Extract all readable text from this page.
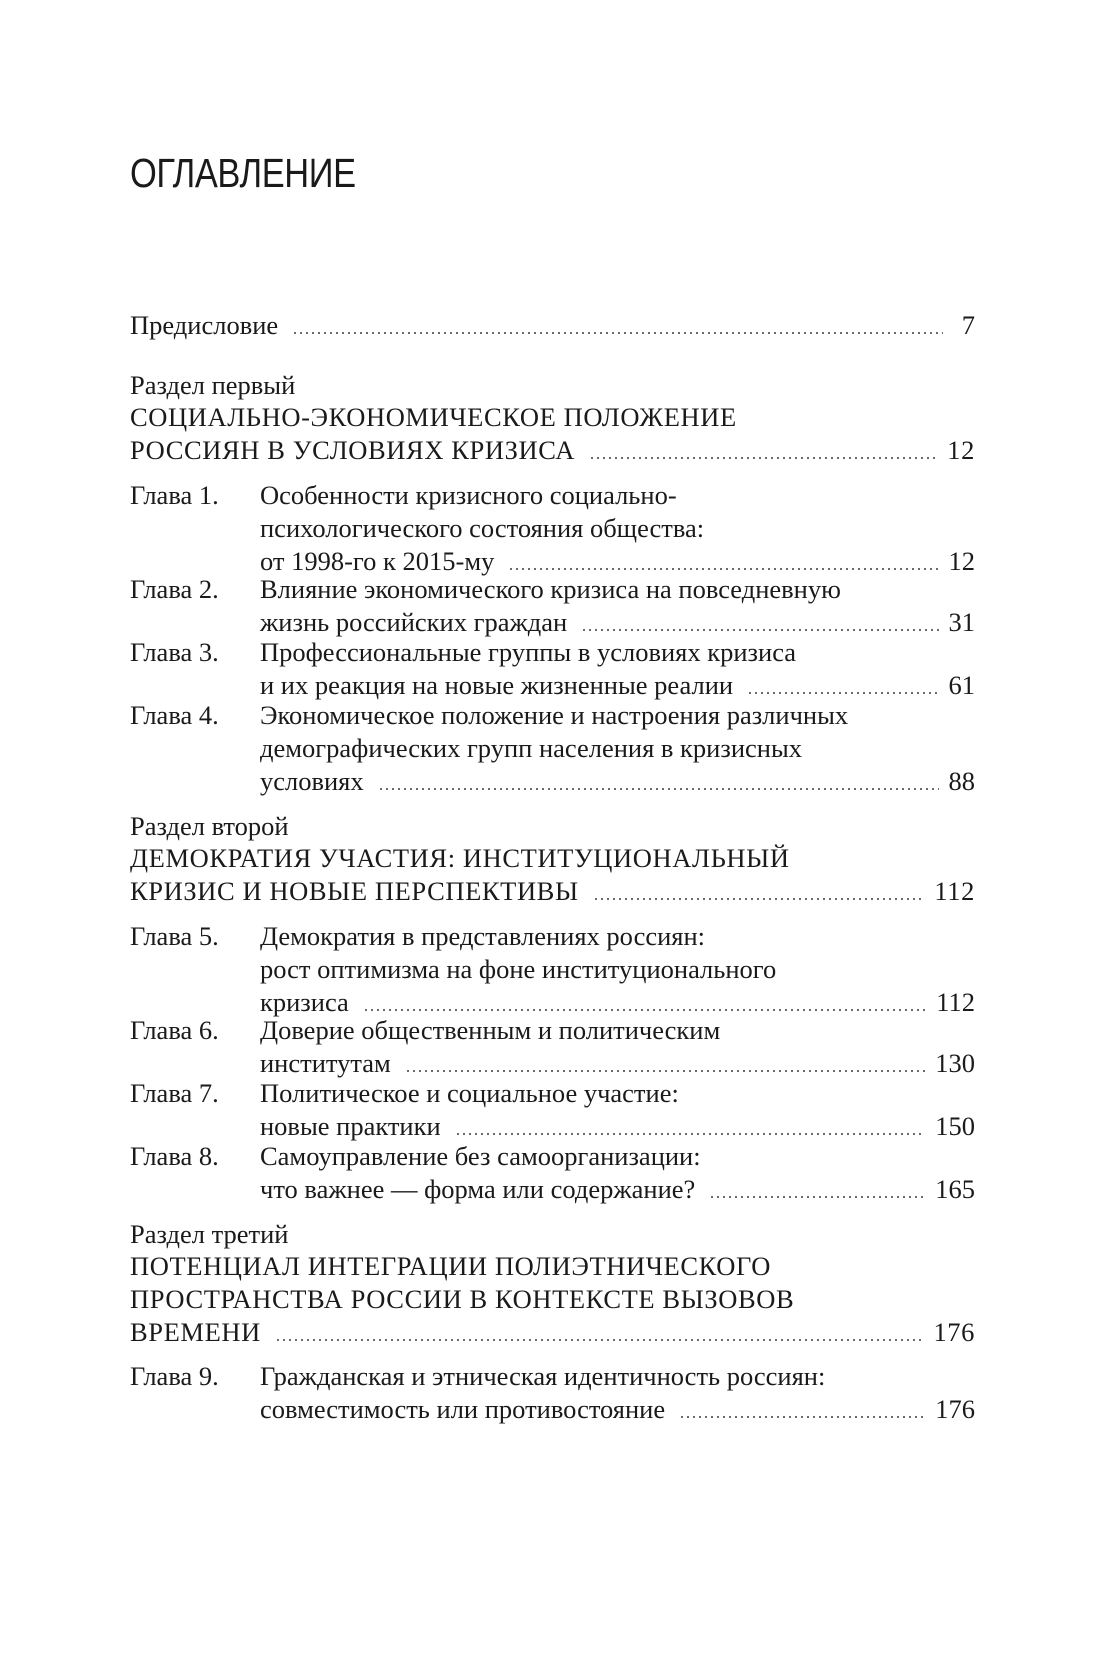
ОГЛАВЛЕНИЕ
Предисловие	7
Раздел первый
СОЦИАЛЬНО-ЭКОНОМИЧЕСКОЕ ПОЛОЖЕНИЕ
РОССИЯН В УСЛОВИЯХ КРИЗИСА	12
Глава 1.	Особенности кризисного социально-
психологического состояния общества:
от 1998-го к 2015-му	12
Глава 2.	Влияние экономического кризиса на повседневную
жизнь российских граждан	31
Глава 3.	Профессиональные группы в условиях кризиса
и их реакция на новые жизненные реалии	61
Глава 4.	Экономическое положение и настроения различных
демографических групп населения в кризисных
условиях	88
Раздел второй
ДЕМОКРАТИЯ УЧАСТИЯ: ИНСТИТУЦИОНАЛЬНЫЙ
КРИЗИС И НОВЫЕ ПЕРСПЕКТИВЫ	112
Глава 5.	Демократия в представлениях россиян:
рост оптимизма на фоне институционального
кризиса	112
Глава 6.	Доверие общественным и политическим
институтам	130
Глава 7.	Политическое и социальное участие:
новые практики	150
Глава 8.	Самоуправление без самоорганизации:
что важнее — форма или содержание?	165
Раздел третий
ПОТЕНЦИАЛ ИНТЕГРАЦИИ ПОЛИЭТНИЧЕСКОГО
ПРОСТРАНСТВА РОССИИ В КОНТЕКСТЕ ВЫЗОВОВ
ВРЕМЕНИ	176
Глава 9.	Гражданская и этническая идентичность россиян:
совместимость или противостояние	176
